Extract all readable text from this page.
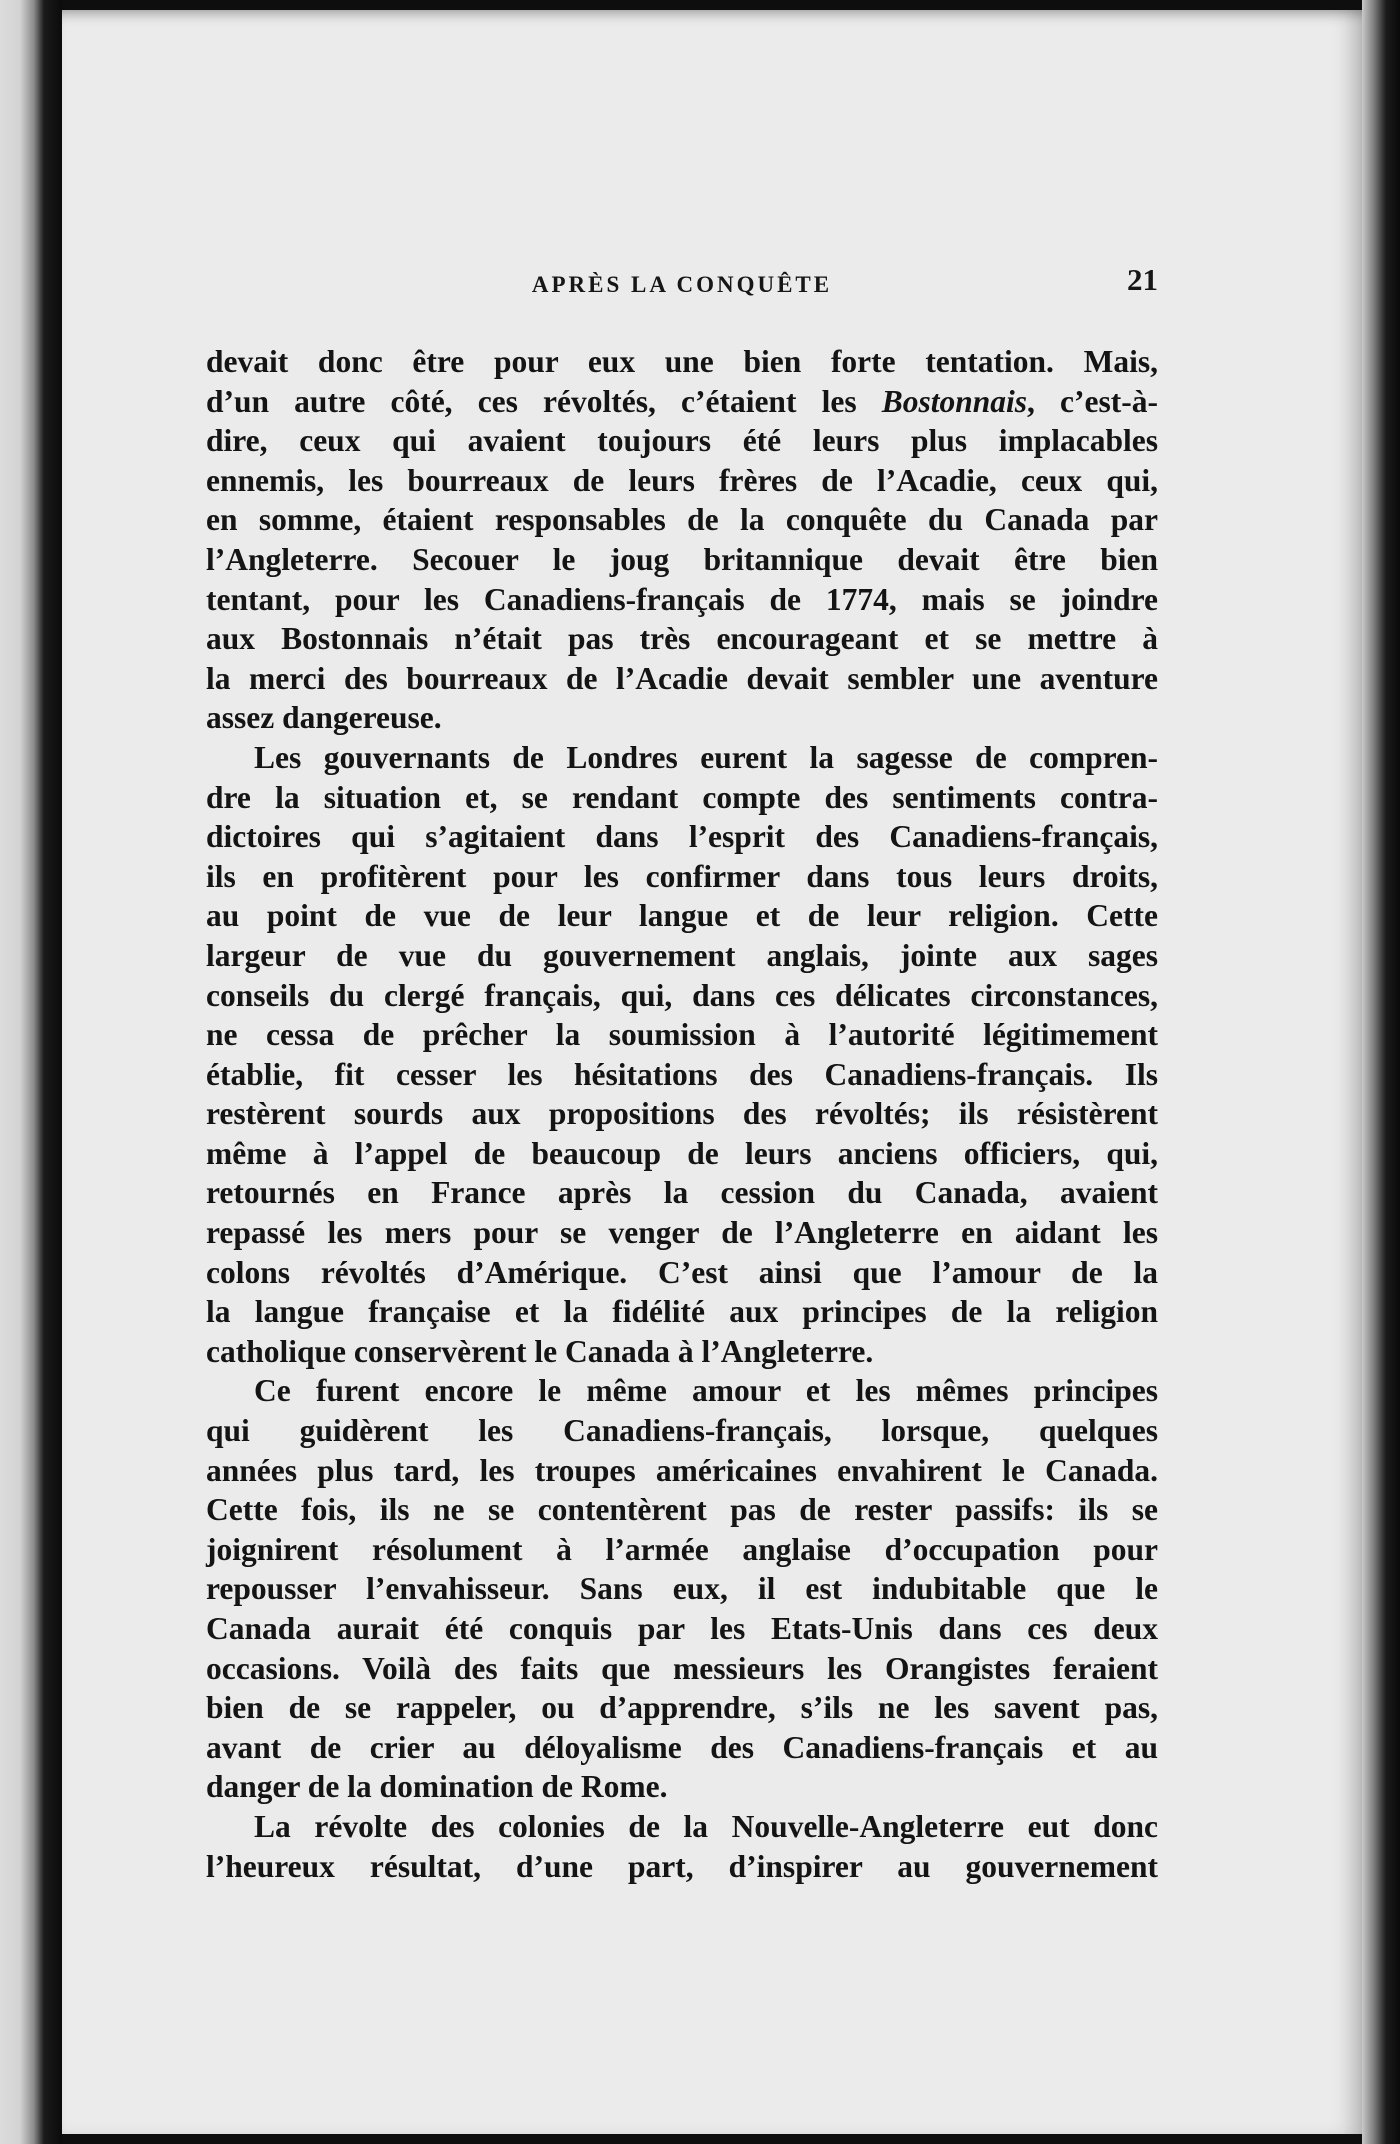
APRÈS LA CONQUÊTE	21
devait donc être pour eux une bien forte tentation. Mais,
d’un autre côté, ces révoltés, c’étaient les Bostonnais, c’est-à-
dire, ceux qui avaient toujours été leurs plus implacables
ennemis, les bourreaux de leurs frères de l’Acadie, ceux qui,
en somme, étaient responsables de la conquête du Canada par
l’Angleterre. Secouer le joug britannique devait être bien
tentant, pour les Canadiens-français de 1774, mais se joindre
aux Bostonnais n’était pas très encourageant et se mettre à
la merci des bourreaux de l’Acadie devait sembler une aventure
assez dangereuse.
Les gouvernants de Londres eurent la sagesse de compren-
dre la situation et, se rendant compte des sentiments contra-
dictoires qui s’agitaient dans l’esprit des Canadiens-français,
ils en profitèrent pour les confirmer dans tous leurs droits,
au point de vue de leur langue et de leur religion. Cette
largeur de vue du gouvernement anglais, jointe aux sages
conseils du clergé français, qui, dans ces délicates circonstances,
ne cessa de prêcher la soumission à l’autorité légitimement
établie, fit cesser les hésitations des Canadiens-français. Ils
restèrent sourds aux propositions des révoltés; ils résistèrent
même à l’appel de beaucoup de leurs anciens officiers, qui,
retournés en France après la cession du Canada, avaient
repassé les mers pour se venger de l’Angleterre en aidant les
colons révoltés d’Amérique. C’est ainsi que l’amour de la
la langue française et la fidélité aux principes de la religion
catholique conservèrent le Canada à l’Angleterre.
Ce furent encore le même amour et les mêmes principes
qui guidèrent les Canadiens-français, lorsque, quelques
années plus tard, les troupes américaines envahirent le Canada.
Cette fois, ils ne se contentèrent pas de rester passifs: ils se
joignirent résolument à l’armée anglaise d’occupation pour
repousser l’envahisseur. Sans eux, il est indubitable que le
Canada aurait été conquis par les Etats-Unis dans ces deux
occasions. Voilà des faits que messieurs les Orangistes feraient
bien de se rappeler, ou d’apprendre, s’ils ne les savent pas,
avant de crier au déloyalisme des Canadiens-français et au
danger de la domination de Rome.
La révolte des colonies de la Nouvelle-Angleterre eut donc
l’heureux résultat, d’une part, d’inspirer au gouvernement
